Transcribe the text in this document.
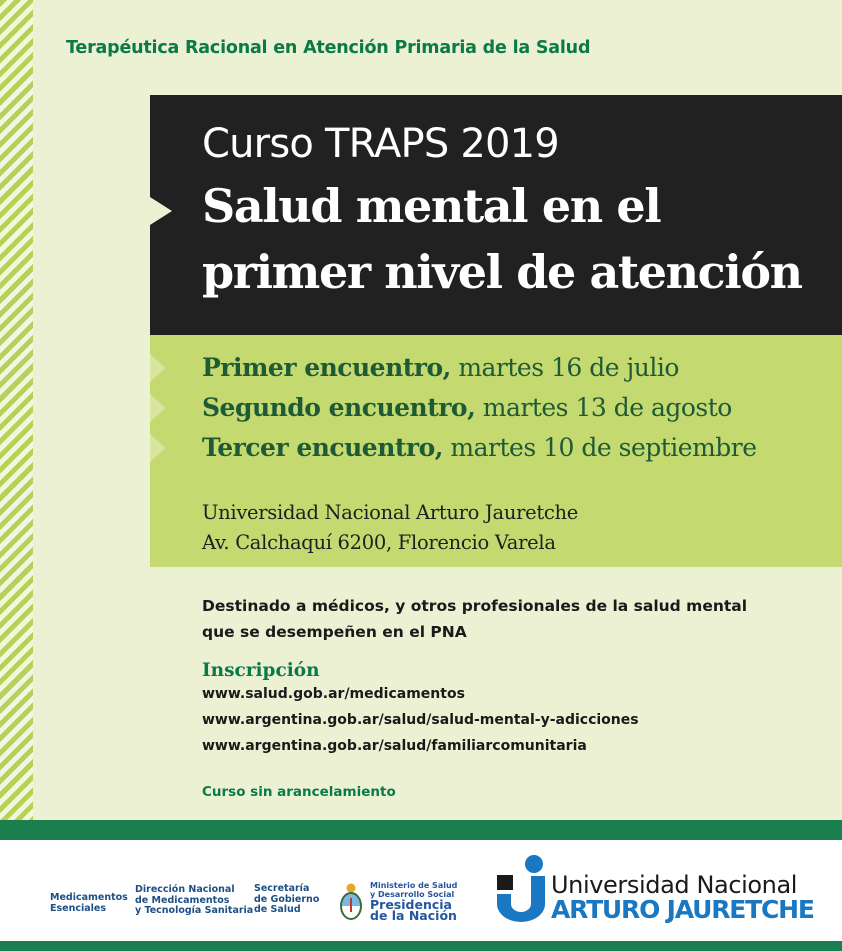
Terapéutica Racional en Atención Primaria de la Salud
Curso TRAPS 2019
Salud mental en el
primer nivel de atención
Primer encuentro, martes 16 de julio
Segundo encuentro, martes 13 de agosto
Tercer encuentro, martes 10 de septiembre
Universidad Nacional Arturo Jauretche
Av. Calchaquí 6200, Florencio Varela
Destinado a médicos, y otros profesionales de la salud mental
que se desempeñen en el PNA
Inscripción
www.salud.gob.ar/medicamentos
www.argentina.gob.ar/salud/salud-mental-y-adicciones
www.argentina.gob.ar/salud/familiarcomunitaria
Curso sin arancelamiento
Medicamentos
Esenciales
Dirección Nacional
de Medicamentos
y Tecnología Sanitaria
Secretaría
de Gobierno
de Salud
Ministerio de Salud
y Desarrollo Social
Presidencia
de la Nación
Universidad Nacional
ARTURO JAURETCHE
